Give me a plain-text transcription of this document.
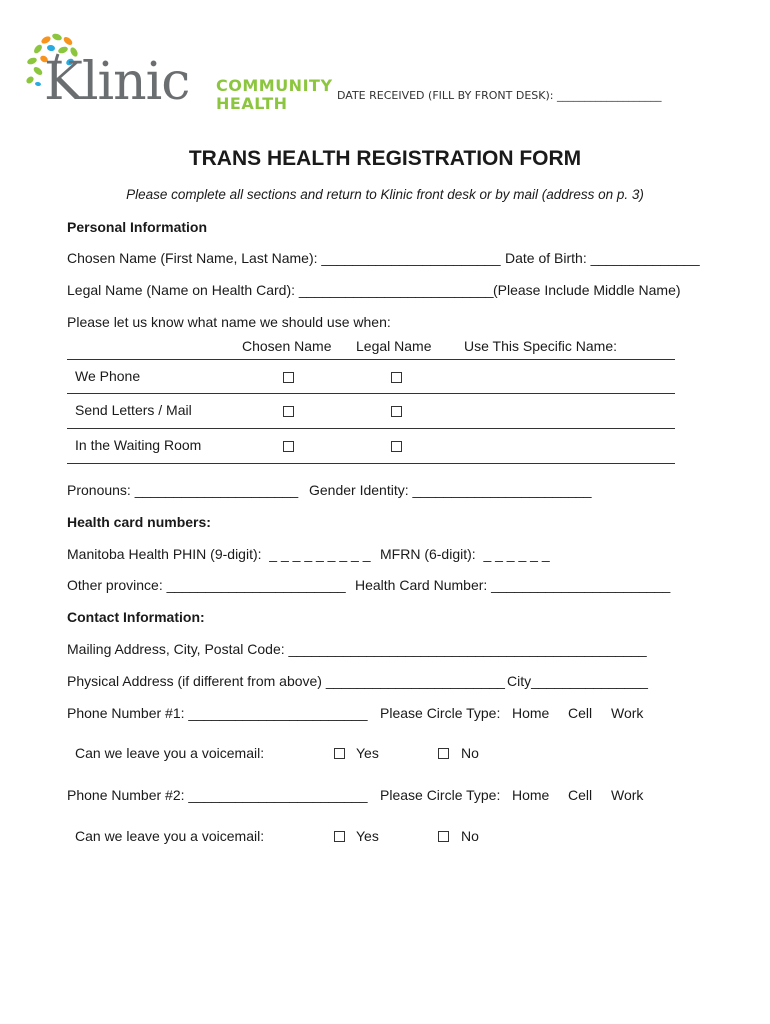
Klinic COMMUNITY
HEALTH	DATE RECEIVED (FILL BY FRONT DESK): ___________________
TRANS HEALTH REGISTRATION FORM
Please complete all sections and return to Klinic front desk or by mail (address on p. 3)
Personal Information
Chosen Name (First Name, Last Name): _______________________ Date of Birth: ______________
Legal Name (Name on Health Card): _________________________ (Please Include Middle Name)
Please let us know what name we should use when:
Chosen Name Legal Name Use This Specific Name:
We Phone
Send Letters / Mail
In the Waiting Room
Pronouns: _____________________ Gender Identity: _______________________
Health card numbers:
Manitoba Health PHIN (9-digit):  _ _ _ _ _ _ _ _ _ MFRN (6-digit):  _ _ _ _ _ _
Other province: _______________________ Health Card Number: _______________________
Contact Information:
Mailing Address, City, Postal Code: ______________________________________________
Physical Address (if different from above) _______________________ City_______________
Phone Number #1: _______________________ Please Circle Type: Home Cell Work
Can we leave you a voicemail:	Yes	No
Phone Number #2: _______________________ Please Circle Type: Home Cell Work
Can we leave you a voicemail:	Yes	No
